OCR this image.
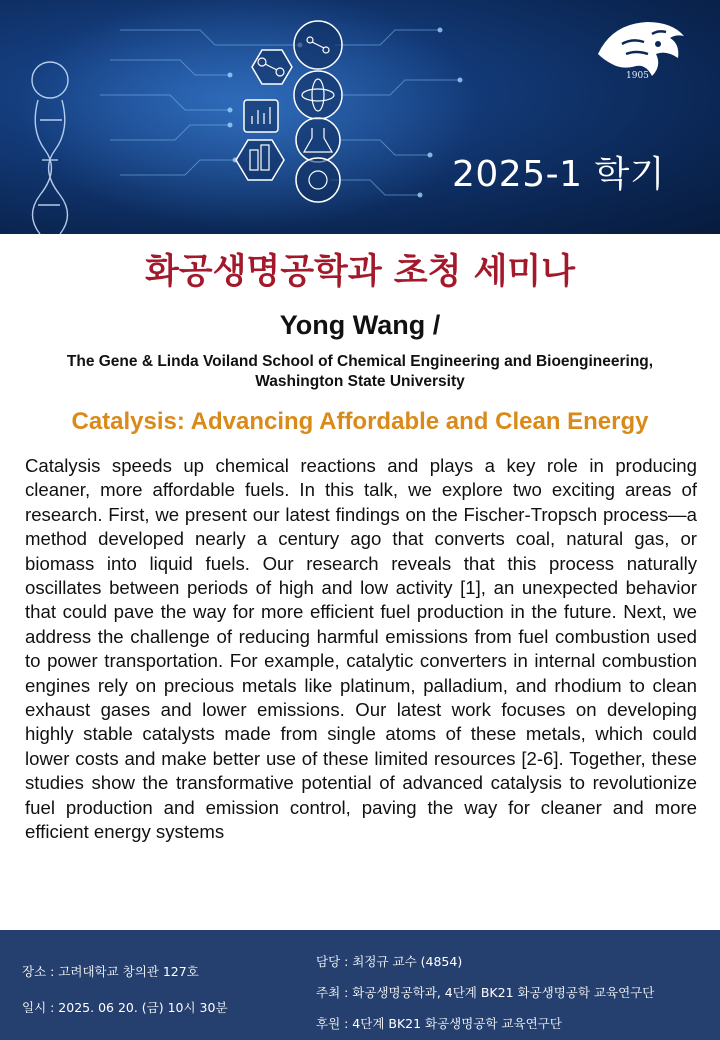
1905
2025-1 학기
화공생명공학과 초청 세미나
Yong Wang /
The Gene & Linda Voiland School of Chemical Engineering and Bioengineering,
Washington State University
Catalysis: Advancing Affordable and Clean Energy
Catalysis speeds up chemical reactions and plays a key role in producing cleaner, more affordable fuels. In this talk, we explore two exciting areas of research. First, we present our latest findings on the Fischer-Tropsch process—a method developed nearly a century ago that converts coal, natural gas, or biomass into liquid fuels. Our research reveals that this process naturally oscillates between periods of high and low activity [1], an unexpected behavior that could pave the way for more efficient fuel production in the future. Next, we address the challenge of reducing harmful emissions from fuel combustion used to power transportation. For example, catalytic converters in internal combustion engines rely on precious metals like platinum, palladium, and rhodium to clean exhaust gases and lower emissions. Our latest work focuses on developing highly stable catalysts made from single atoms of these metals, which could lower costs and make better use of these limited resources [2-6]. Together, these studies show the transformative potential of advanced catalysis to revolutionize fuel production and emission control, paving the way for cleaner and more efficient energy systems
장소 : 고려대학교 창의관 127호
일시 : 2025. 06 20. (금) 10시 30분
담당 : 최정규 교수 (4854)
주최 : 화공생명공학과, 4단계 BK21 화공생명공학 교육연구단
후원 : 4단계 BK21 화공생명공학 교육연구단
